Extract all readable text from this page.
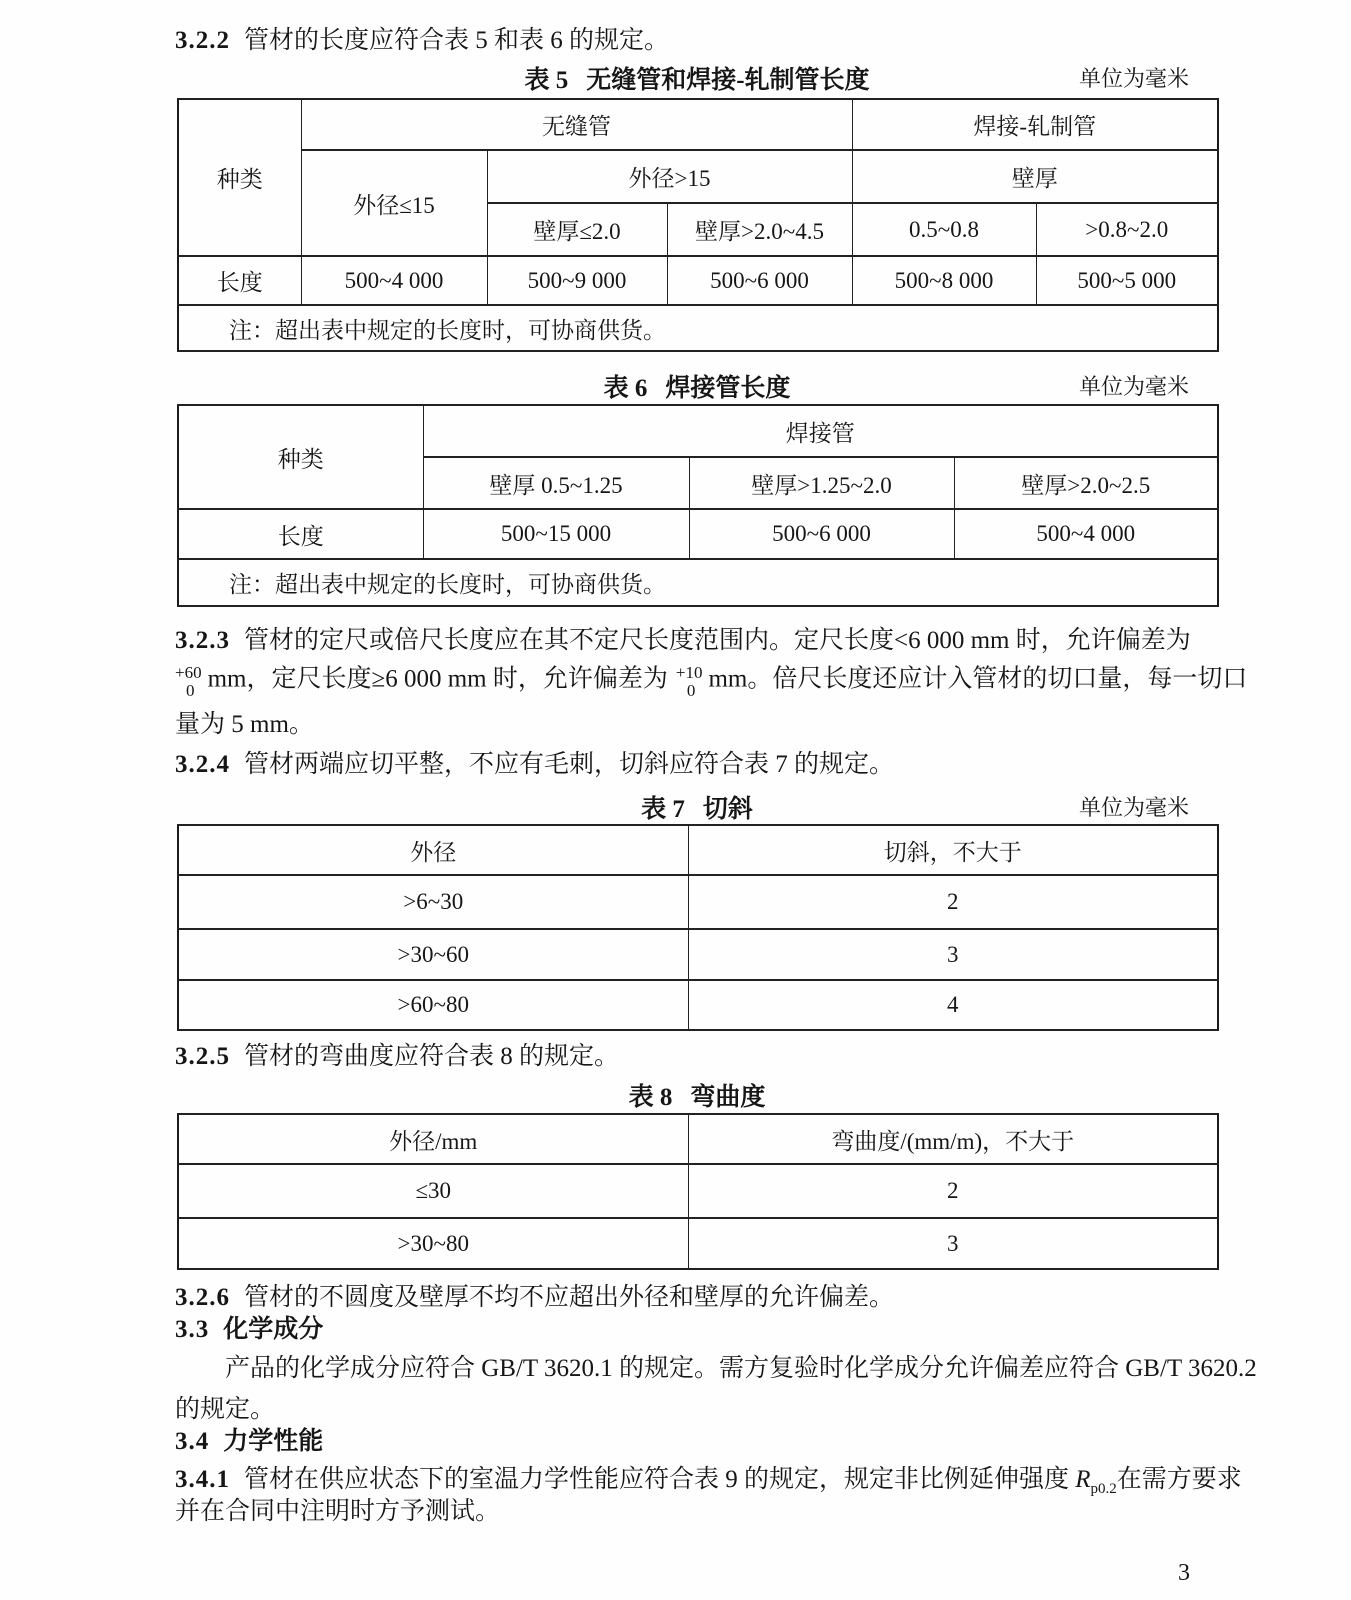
3.2.2 管材的长度应符合表 5 和表 6 的规定。
表 5 无缝管和焊接-轧制管长度	单位为毫米
种类	无缝管			焊接-轧制管	
	外径≤15	外径>15		壁厚	
		壁厚≤2.0	壁厚>2.0~4.5	0.5~0.8	>0.8~2.0
长度	500~4 000	500~9 000	500~6 000	500~8 000	500~5 000
注：超出表中规定的长度时，可协商供货。					
表 6 焊接管长度	单位为毫米
种类	焊接管		
	壁厚 0.5~1.25	壁厚>1.25~2.0	壁厚>2.0~2.5
长度	500~15 000	500~6 000	500~4 000
注：超出表中规定的长度时，可协商供货。			
3.2.3 管材的定尺或倍尺长度应在其不定尺长度范围内。定尺长度<6 000 mm 时，允许偏差为
+60
0 mm，定尺长度≥6 000 mm 时，允许偏差为 +10
0 mm。倍尺长度还应计入管材的切口量，每一切口
量为 5 mm。
3.2.4 管材两端应切平整，不应有毛刺，切斜应符合表 7 的规定。
表 7 切斜	单位为毫米
外径	切斜，不大于
>6~30	2
>30~60	3
>60~80	4
3.2.5 管材的弯曲度应符合表 8 的规定。
表 8 弯曲度
外径/mm	弯曲度/(mm/m)，不大于
≤30	2
>30~80	3
3.2.6 管材的不圆度及壁厚不均不应超出外径和壁厚的允许偏差。
3.3 化学成分
产品的化学成分应符合 GB/T 3620.1 的规定。需方复验时化学成分允许偏差应符合 GB/T 3620.2
的规定。
3.4 力学性能
3.4.1 管材在供应状态下的室温力学性能应符合表 9 的规定，规定非比例延伸强度 $R_{p0.2}$在需方要求
并在合同中注明时方予测试。
3
